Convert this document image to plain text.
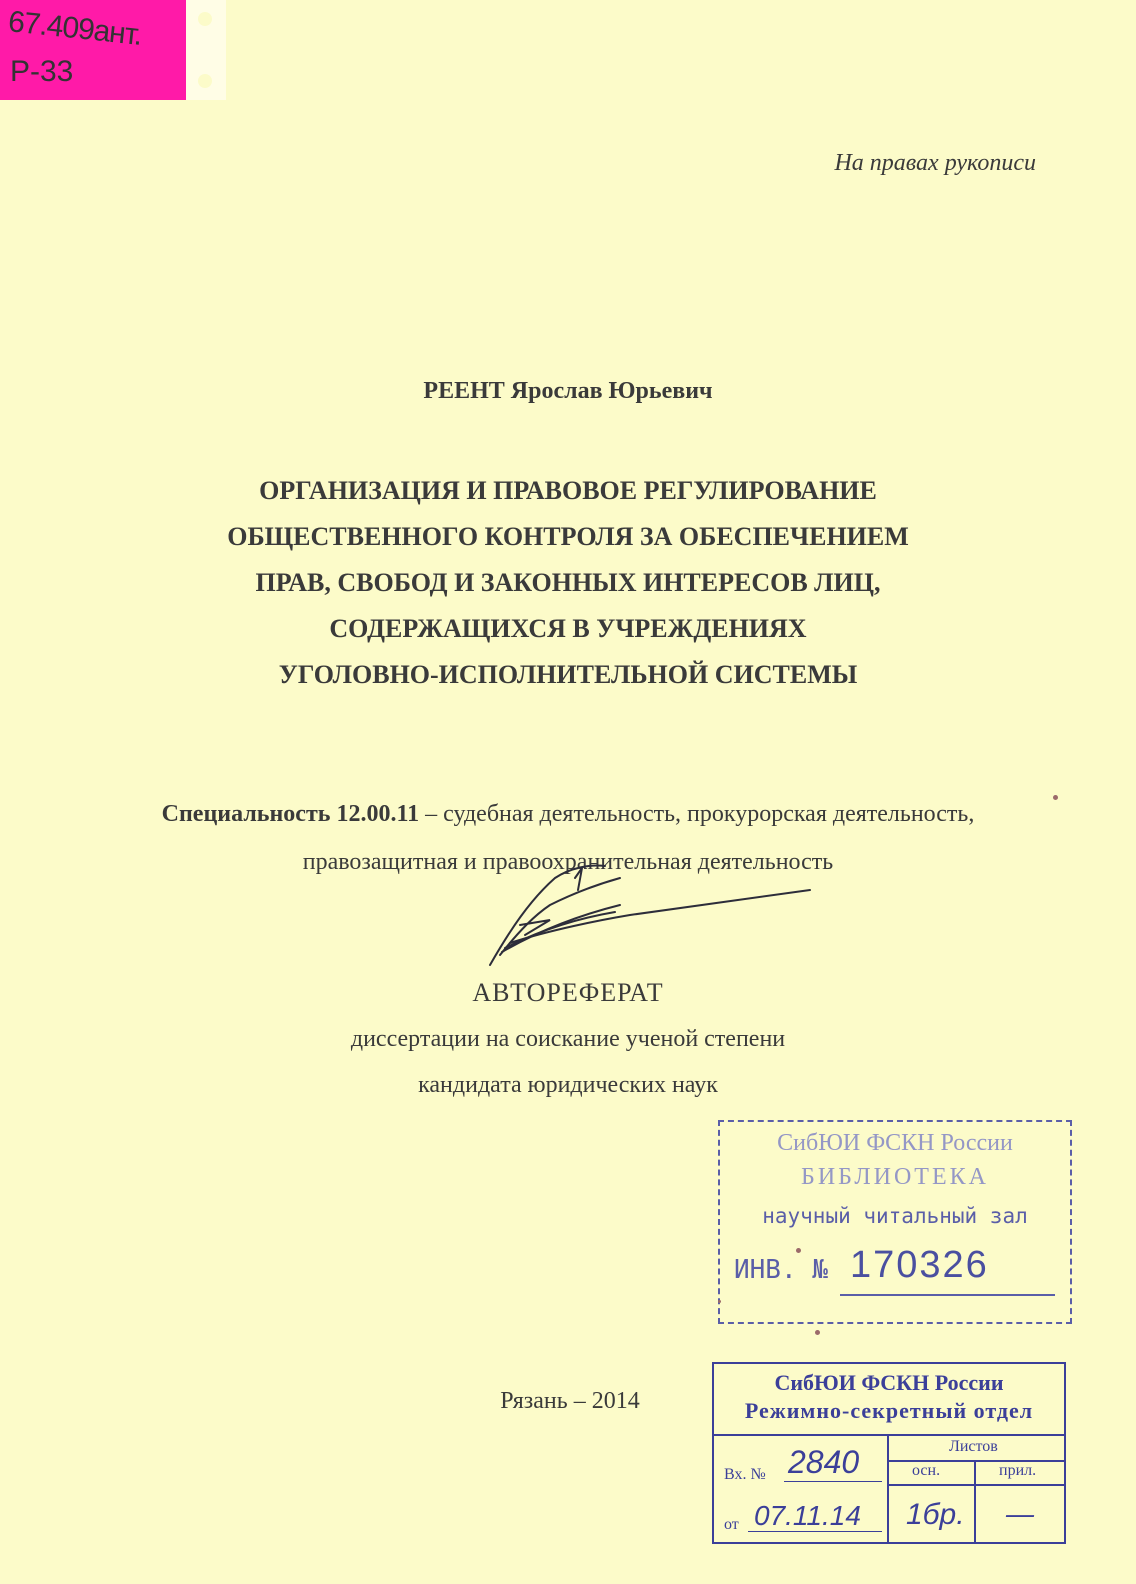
67.409ант.
Р-33
На правах рукописи
РЕЕНТ Ярослав Юрьевич
ОРГАНИЗАЦИЯ И ПРАВОВОЕ РЕГУЛИРОВАНИЕ
ОБЩЕСТВЕННОГО КОНТРОЛЯ ЗА ОБЕСПЕЧЕНИЕМ
ПРАВ, СВОБОД И ЗАКОННЫХ ИНТЕРЕСОВ ЛИЦ,
СОДЕРЖАЩИХСЯ В УЧРЕЖДЕНИЯХ
УГОЛОВНО-ИСПОЛНИТЕЛЬНОЙ СИСТЕМЫ
Специальность 12.00.11 – судебная деятельность, прокурорская деятельность,
правозащитная и правоохранительная деятельность
АВТОРЕФЕРАТ
диссертации на соискание ученой степени
кандидата юридических наук
СибЮИ ФСКН России
БИБЛИОТЕКА
научный читальный зал
ИНВ. № 170326
Рязань – 2014
СибЮИ ФСКН России
Режимно-секретный отдел
Листов
осн.	прил.
Вх. № 2840
от 07.11.14 1бр. —
